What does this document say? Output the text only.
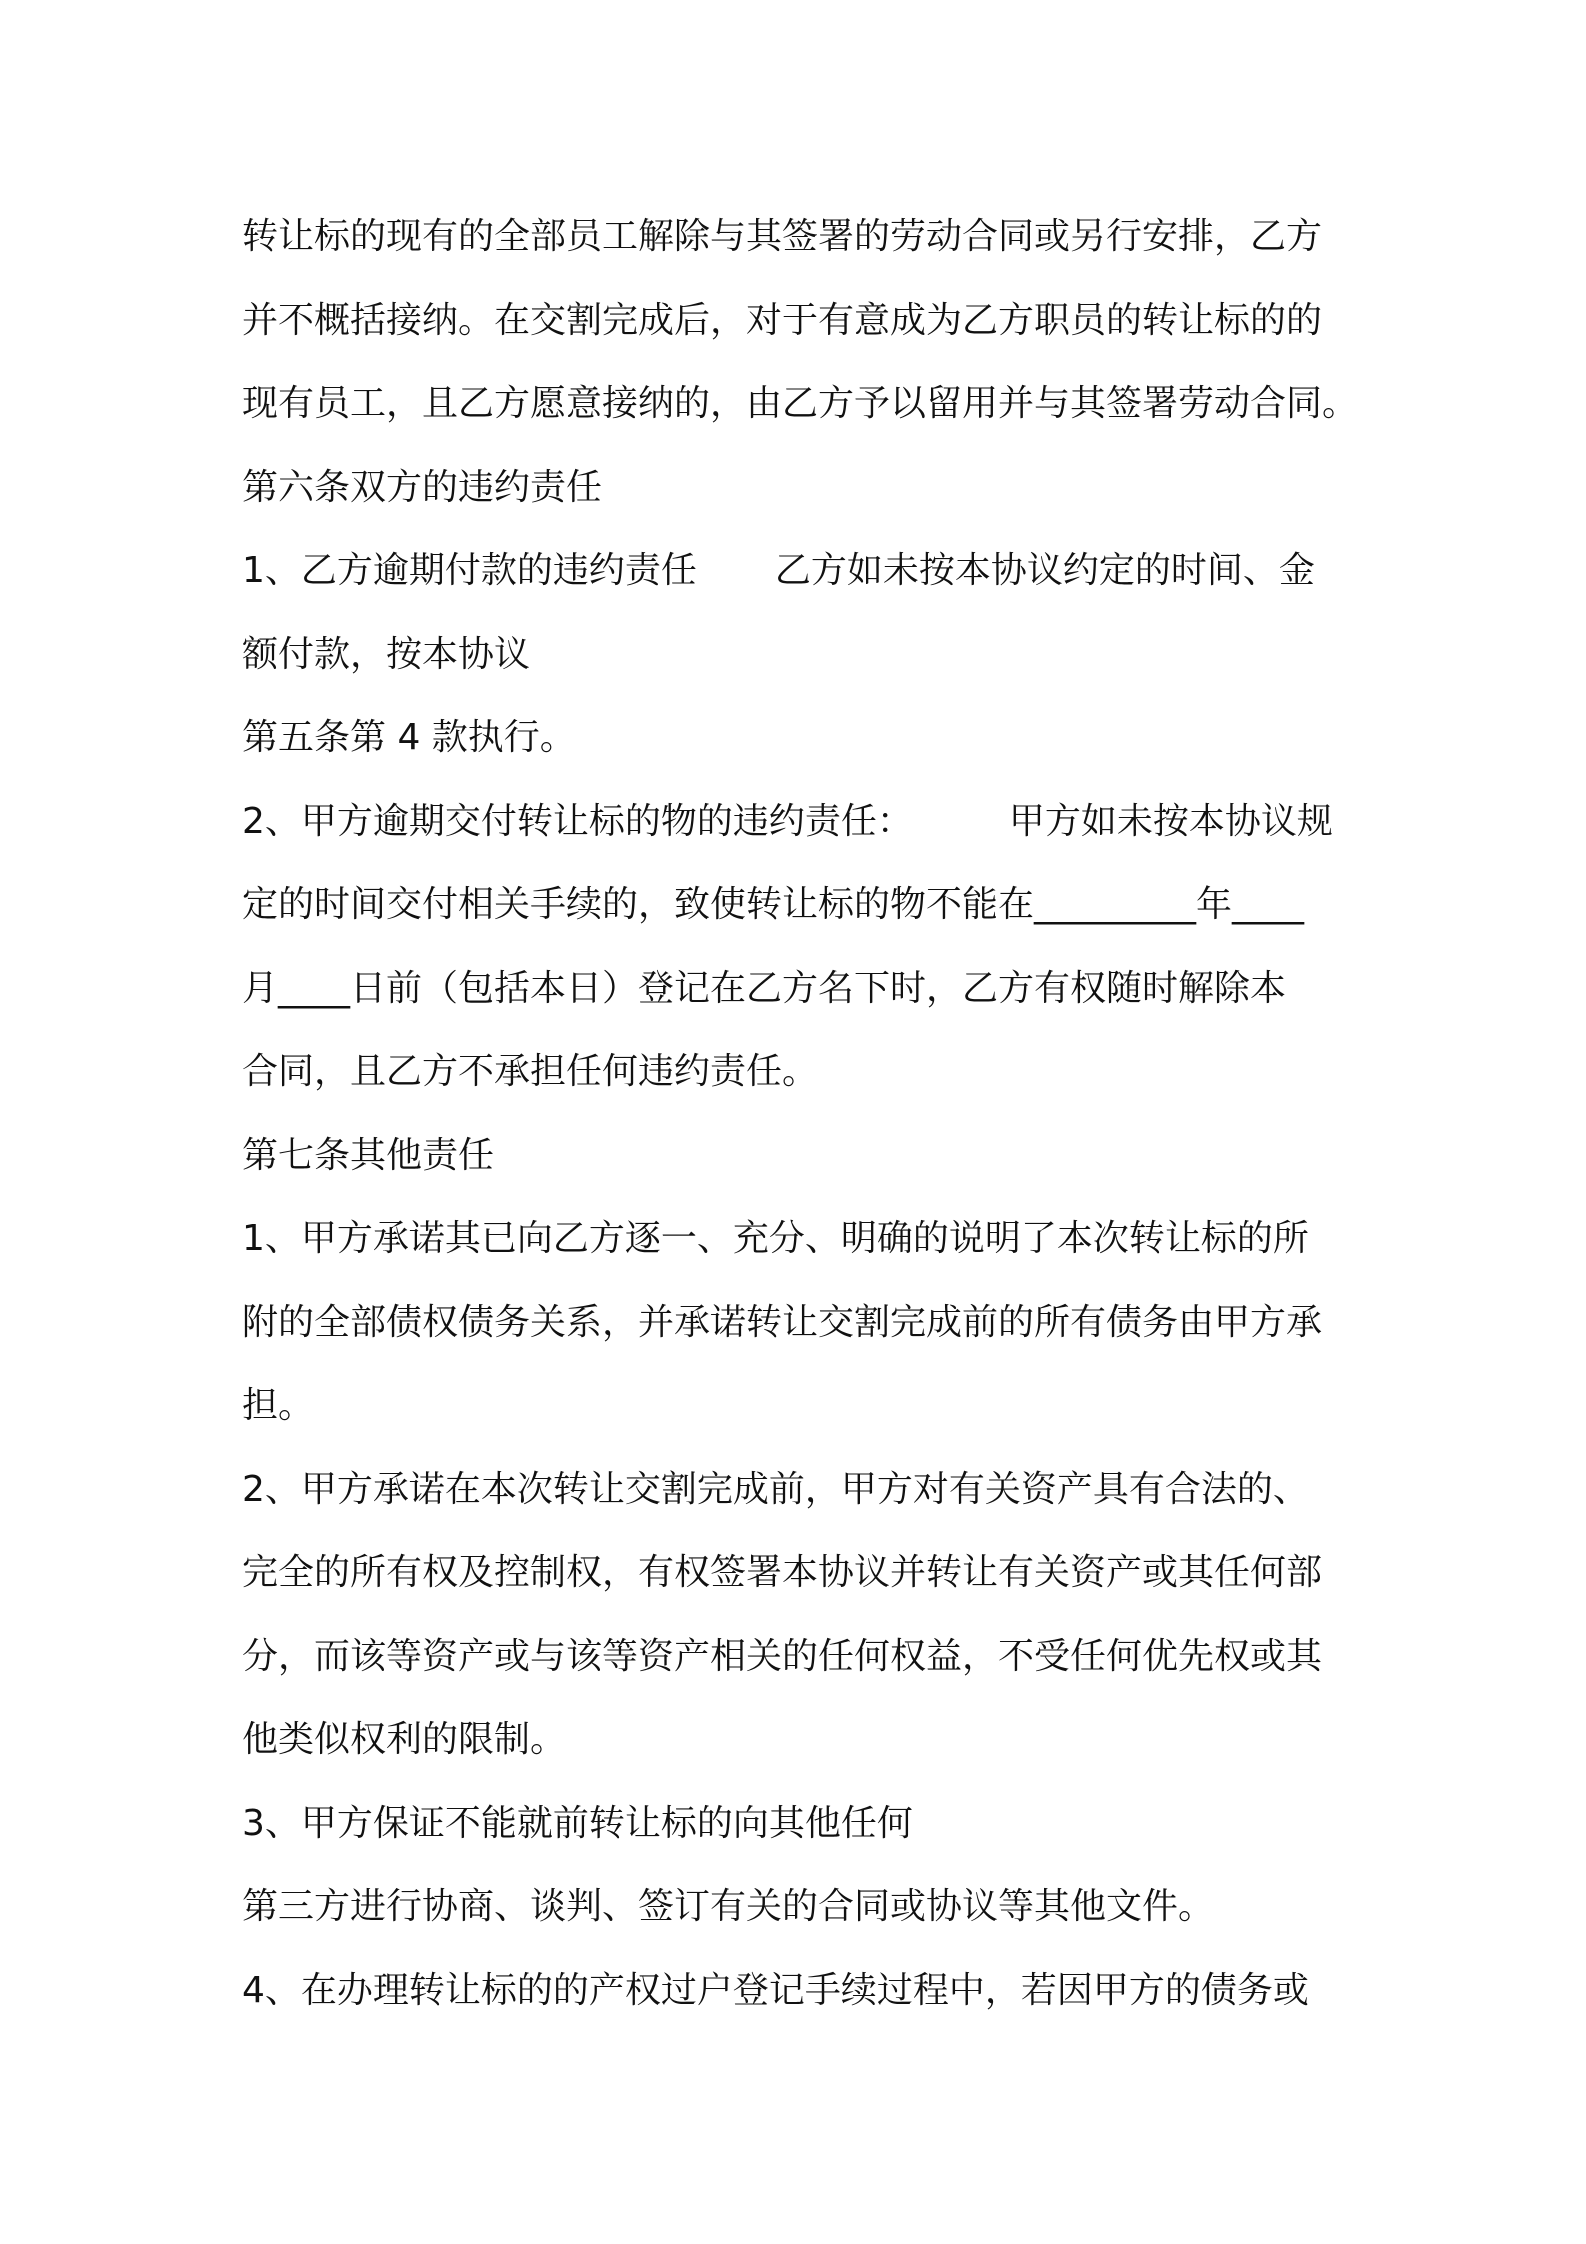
转让标的现有的全部员工解除与其签署的劳动合同或另行安排，乙方
并不概括接纳。在交割完成后，对于有意成为乙方职员的转让标的的
现有员工，且乙方愿意接纳的，由乙方予以留用并与其签署劳动合同。
第六条双方的违约责任
1、乙方逾期付款的违约责任 乙方如未按本协议约定的时间、金
额付款，按本协议
第五条第 4 款执行。
2、甲方逾期交付转让标的物的违约责任：	甲方如未按本协议规
定的时间交付相关手续的，致使转让标的物不能在_________年____
月____日前（包括本日）登记在乙方名下时，乙方有权随时解除本
合同，且乙方不承担任何违约责任。
第七条其他责任
1、甲方承诺其已向乙方逐一、充分、明确的说明了本次转让标的所
附的全部债权债务关系，并承诺转让交割完成前的所有债务由甲方承
担。
2、甲方承诺在本次转让交割完成前，甲方对有关资产具有合法的、
完全的所有权及控制权，有权签署本协议并转让有关资产或其任何部
分，而该等资产或与该等资产相关的任何权益，不受任何优先权或其
他类似权利的限制。
3、甲方保证不能就前转让标的向其他任何
第三方进行协商、谈判、签订有关的合同或协议等其他文件。
4、在办理转让标的的产权过户登记手续过程中，若因甲方的债务或
